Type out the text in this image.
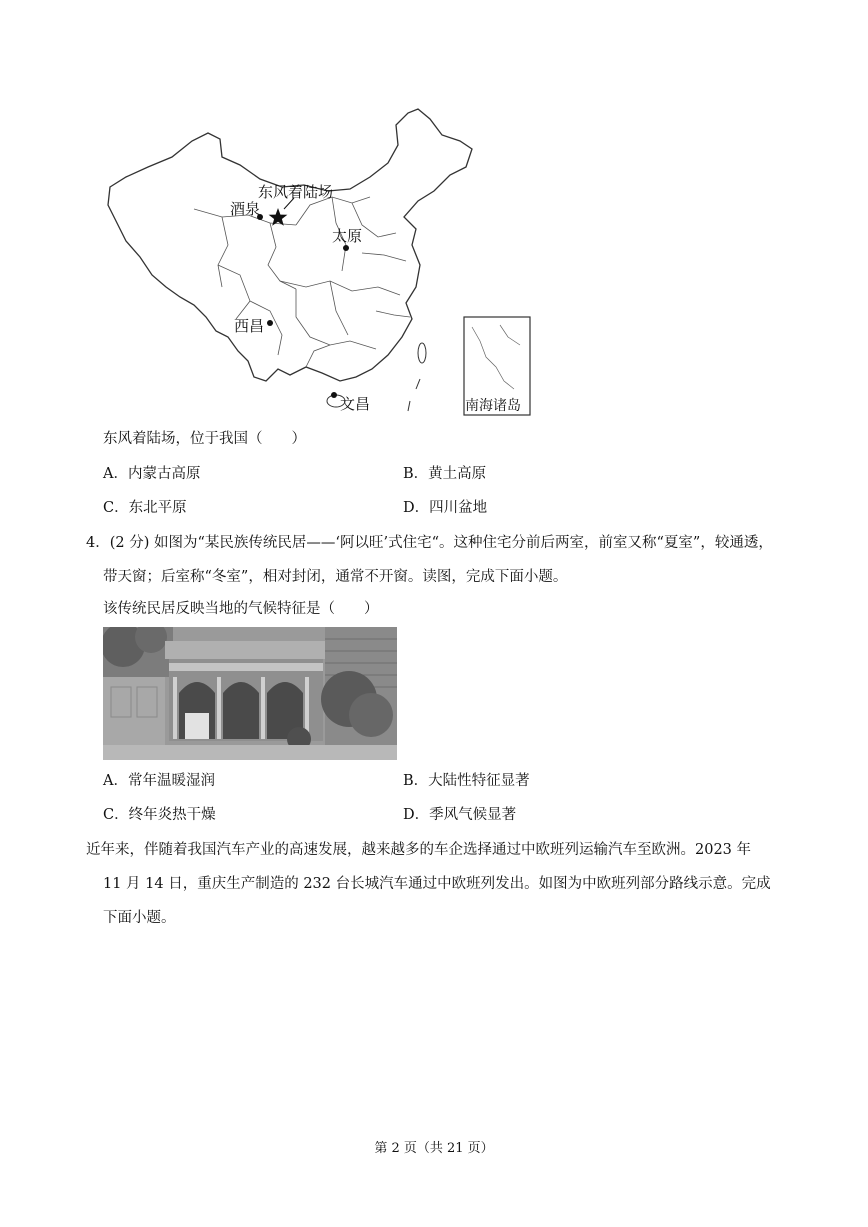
东风着陆场
酒泉
太原
西昌
文昌	南海诸岛
东风着陆场，位于我国（　　）
A．内蒙古高原	B．黄土高原
C．东北平原	D．四川盆地
4．(2 分) 如图为“某民族传统民居——‘阿以旺’式住宅“。这种住宅分前后两室，前室又称“夏室”，较通透，
带天窗；后室称“冬室”，相对封闭，通常不开窗。读图，完成下面小题。
该传统民居反映当地的气候特征是（　　）
A．常年温暖湿润	B．大陆性特征显著
C．终年炎热干燥	D．季风气候显著
近年来，伴随着我国汽车产业的高速发展，越来越多的车企选择通过中欧班列运输汽车至欧洲。2023 年
11 月 14 日，重庆生产制造的 232 台长城汽车通过中欧班列发出。如图为中欧班列部分路线示意。完成
下面小题。
第 2 页（共 21 页）
